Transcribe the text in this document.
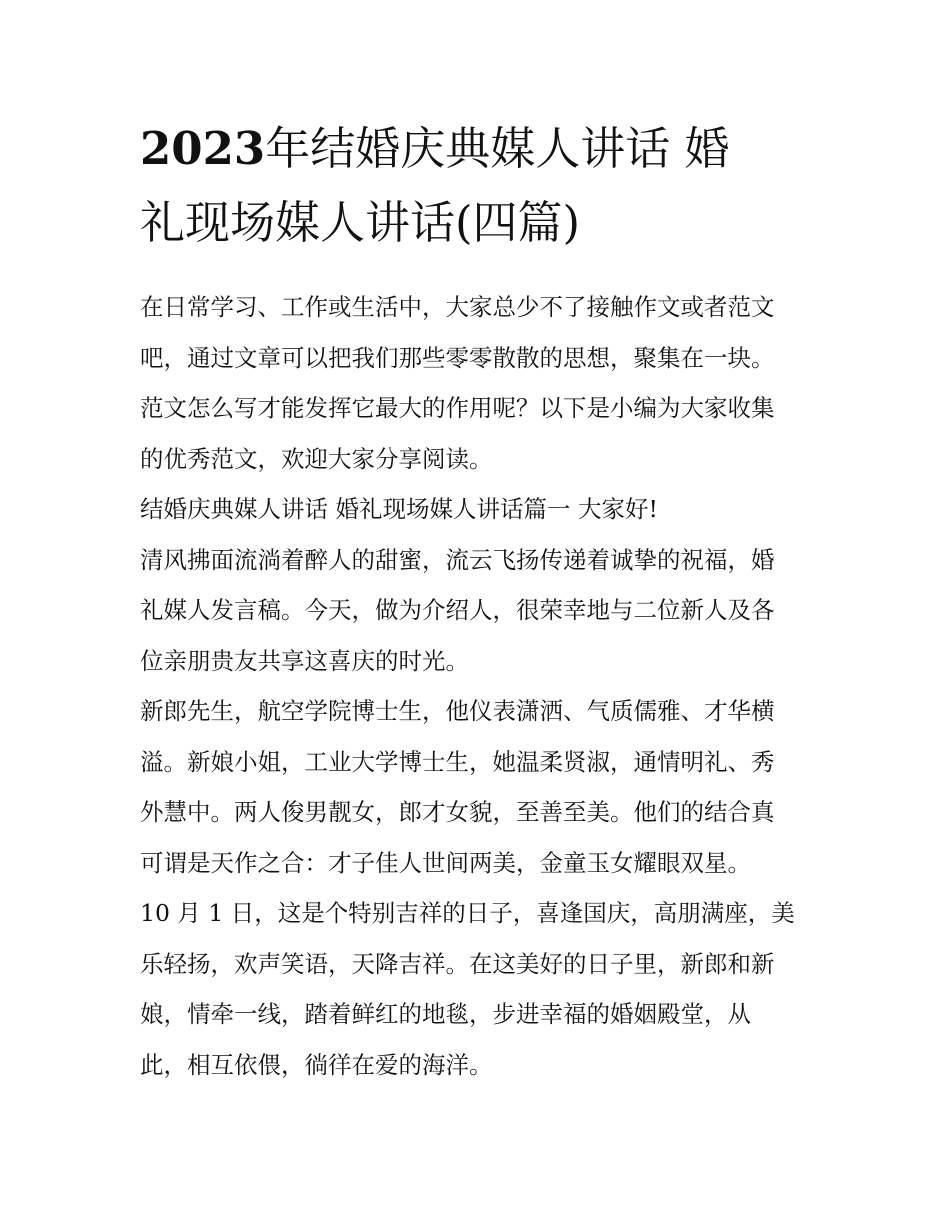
2023年结婚庆典媒人讲话 婚
礼现场媒人讲话(四篇)

在日常学习、工作或生活中，大家总少不了接触作文或者范文
吧，通过文章可以把我们那些零零散散的思想，聚集在一块。
范文怎么写才能发挥它最大的作用呢？以下是小编为大家收集
的优秀范文，欢迎大家分享阅读。

结婚庆典媒人讲话 婚礼现场媒人讲话篇一 大家好!

清风拂面流淌着醉人的甜蜜，流云飞扬传递着诚挚的祝福，婚
礼媒人发言稿。今天，做为介绍人，很荣幸地与二位新人及各
位亲朋贵友共享这喜庆的时光。

新郎先生，航空学院博士生，他仪表潇洒、气质儒雅、才华横
溢。新娘小姐，工业大学博士生，她温柔贤淑，通情明礼、秀
外慧中。两人俊男靓女，郎才女貌，至善至美。他们的结合真
可谓是天作之合：才子佳人世间两美，金童玉女耀眼双星。

10 月 1 日，这是个特别吉祥的日子，喜逢国庆，高朋满座，美
乐轻扬，欢声笑语，天降吉祥。在这美好的日子里，新郎和新
娘，情牵一线，踏着鲜红的地毯，步进幸福的婚姻殿堂，从
此，相互依偎，徜徉在爱的海洋。
